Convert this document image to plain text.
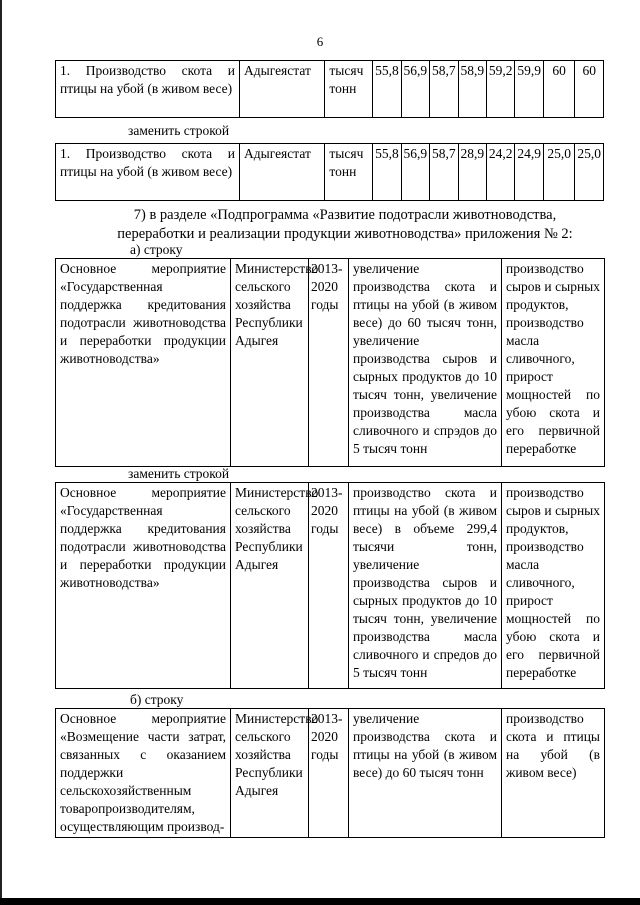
6
1. Производство скота и птицы на убой (в живом весе)	Адыгеястат	тысяч тонн	55,8	56,9	58,7	58,9	59,2	59,9	60	60
заменить строкой
1. Производство скота и птицы на убой (в живом весе)	Адыгеястат	тысяч тонн	55,8	56,9	58,7	28,9	24,2	24,9	25,0	25,0
7) в разделе «Подпрограмма «Развитие подотрасли животноводства, переработки и реализации продукции животноводства» приложения № 2:
а) строку
Основное мероприятие «Государственная поддержка кредитования подотрасли животноводства и переработки продукции животноводства»	Министерство сельского хозяйства Республики Адыгея	2013-2020 годы	увеличение производства скота и птицы на убой (в живом весе) до 60 тысяч тонн, увеличение производства сыров и сырных продуктов до 10 тысяч тонн, увеличение производства масла сливочного и спрэдов до 5 тысяч тонн	производство сыров и сырных продуктов, производство масла сливочного, прирост мощностей по убою скота и его первичной переработке
заменить строкой
Основное мероприятие «Государственная поддержка кредитования подотрасли животноводства и переработки продукции животноводства»	Министерство сельского хозяйства Республики Адыгея	2013-2020 годы	производство скота и птицы на убой (в живом весе) в объеме 299,4 тысячи тонн, увеличение производства сыров и сырных продуктов до 10 тысяч тонн, увеличение производства масла сливочного и спредов до 5 тысяч тонн	производство сыров и сырных продуктов, производство масла сливочного, прирост мощностей по убою скота и его первичной переработке
б) строку
Основное мероприятие «Возмещение части затрат, связанных с оказанием поддержки сельскохозяйственным товаропроизводителям, осуществляющим производ-	Министерство сельского хозяйства Республики Адыгея	2013-2020 годы	увеличение производства скота и птицы на убой (в живом весе) до 60 тысяч тонн	производство скота и птицы на убой (в живом весе)
